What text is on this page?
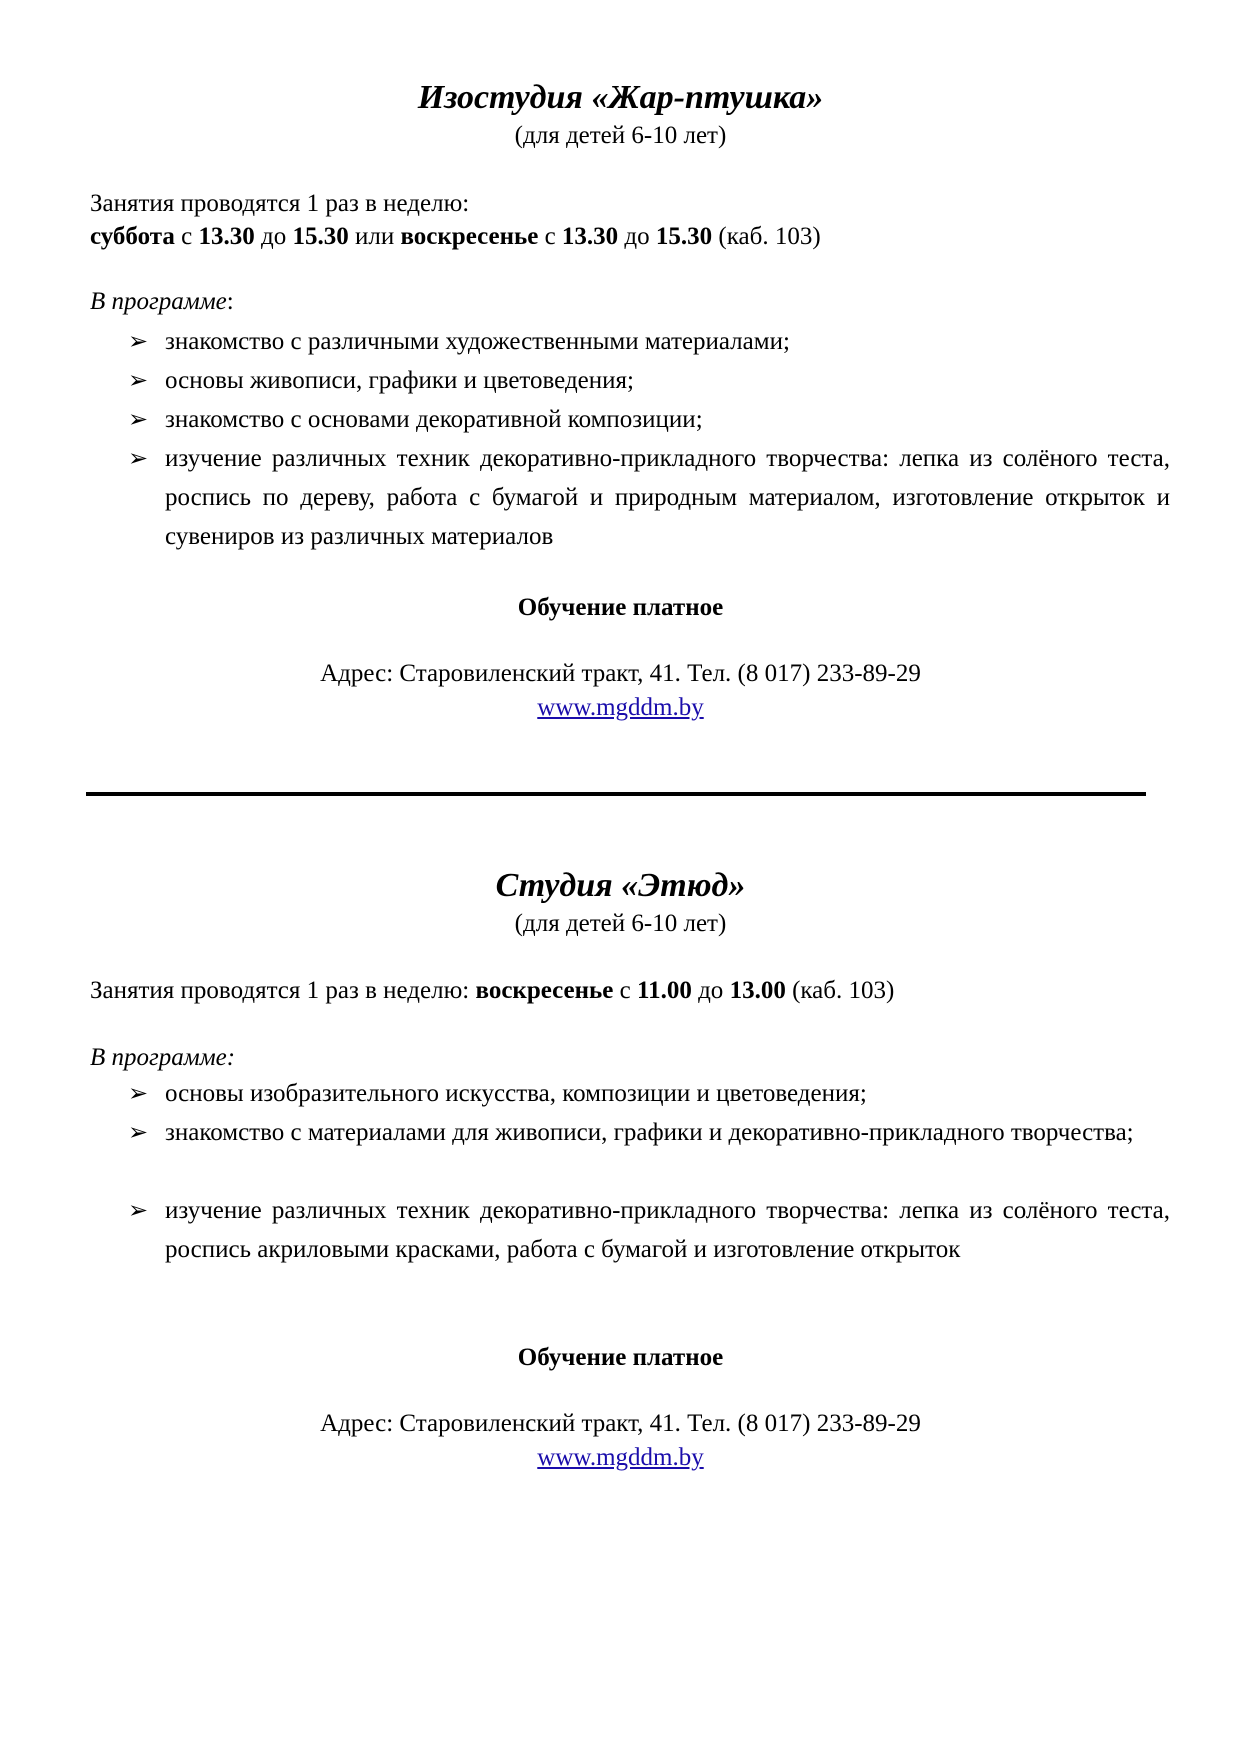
Изостудия «Жар-птушка»
(для детей 6-10 лет)
Занятия проводятся 1 раз в неделю:
суббота с 13.30 до 15.30 или воскресенье с 13.30 до 15.30 (каб. 103)
В программе:
➢ знакомство с различными художественными материалами;
➢ основы живописи, графики и цветоведения;
➢ знакомство с основами декоративной композиции;
➢ изучение различных техник декоративно-прикладного творчества: лепка из солёного теста, роспись по дереву, работа с бумагой и природным материалом, изготовление открыток и сувениров из различных материалов
Обучение платное
Адрес: Старовиленский тракт, 41. Тел. (8 017) 233-89-29
www.mgddm.by
Студия «Этюд»
(для детей 6-10 лет)
Занятия проводятся 1 раз в неделю: воскресенье с 11.00 до 13.00 (каб. 103)
В программе:
➢ основы изобразительного искусства, композиции и цветоведения;
➢ знакомство с материалами для живописи, графики и декоративно-прикладного творчества;
➢ изучение различных техник декоративно-прикладного творчества: лепка из солёного теста, роспись акриловыми красками, работа с бумагой и изготовление открыток
Обучение платное
Адрес: Старовиленский тракт, 41. Тел. (8 017) 233-89-29
www.mgddm.by
